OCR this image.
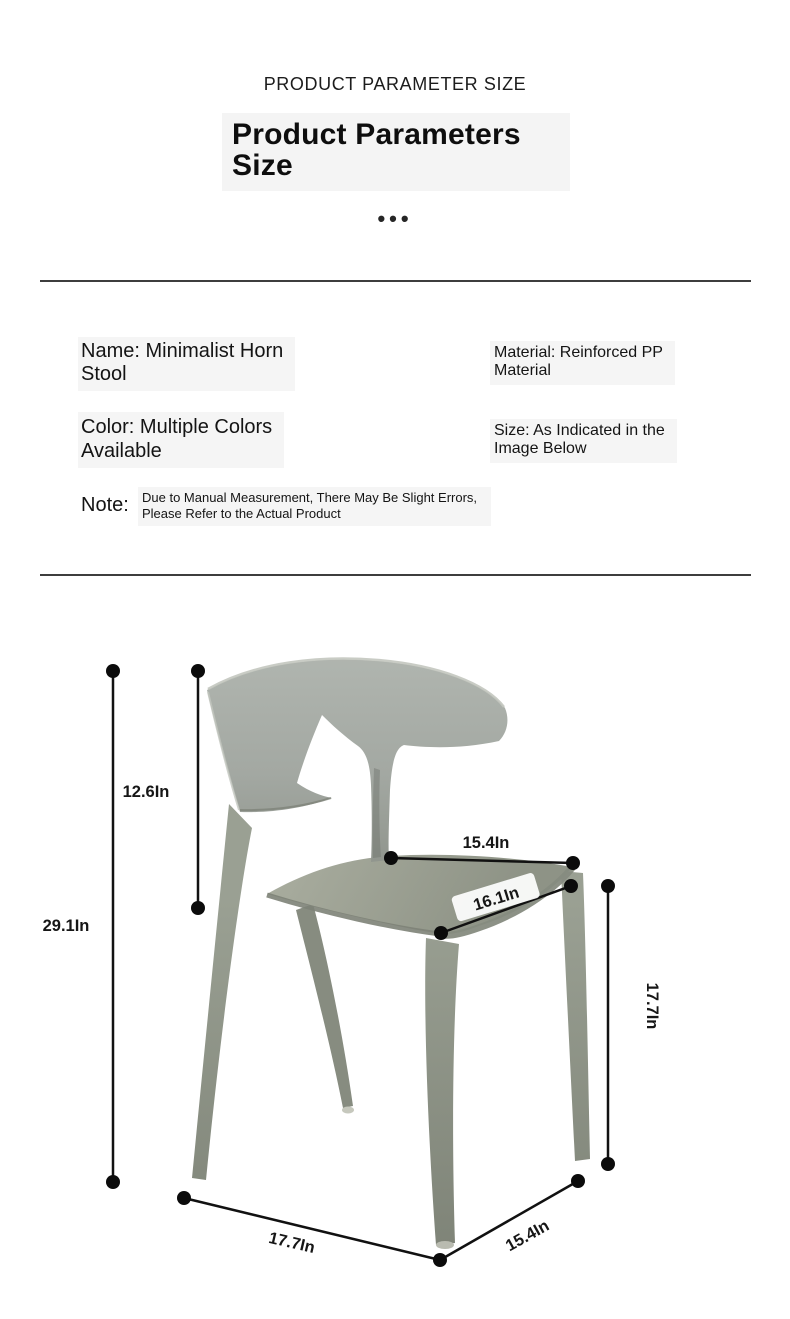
PRODUCT PARAMETER SIZE
Product Parameters
Size
•••
Name: Minimalist Horn
Stool
Material: Reinforced PP
Material
Color: Multiple Colors
Available
Size: As Indicated in the
Image Below
Note: Due to Manual Measurement, There May Be Slight Errors,
Please Refer to the Actual Product
12.6In
29.1In
15.4In
16.1In
17.7In
17.7In	15.4In
